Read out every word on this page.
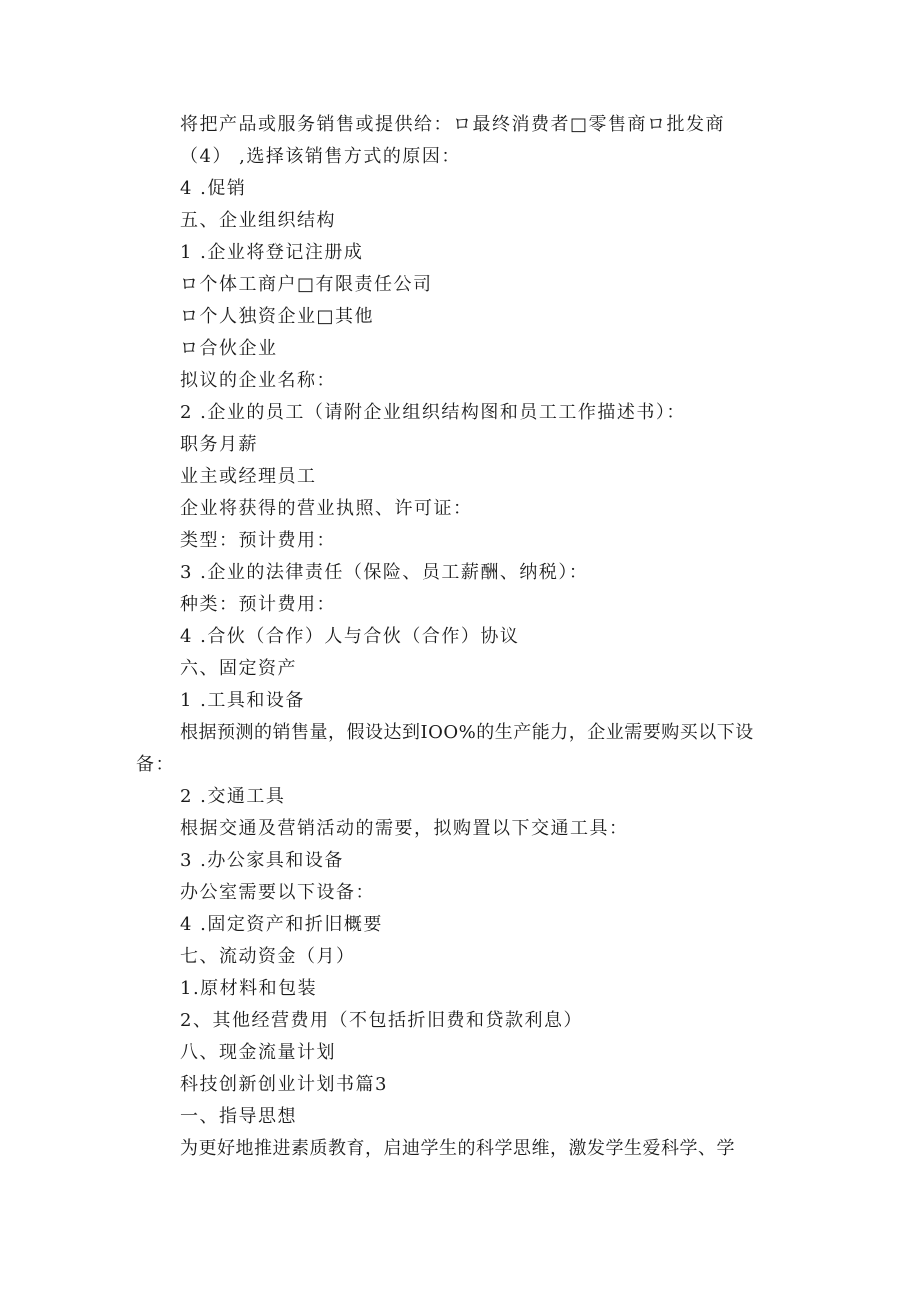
将把产品或服务销售或提供给：ロ最终消费者□零售商ロ批发商
（4） ,选择该销售方式的原因：
4 .促销
五、企业组织结构
1 .企业将登记注册成
ロ个体工商户□有限责任公司
ロ个人独资企业□其他
ロ合伙企业
拟议的企业名称：
2 .企业的员工（请附企业组织结构图和员工工作描述书）：
职务月薪
业主或经理员工
企业将获得的营业执照、许可证：
类型：预计费用：
3 .企业的法律责任（保险、员工薪酬、纳税）：
种类：预计费用：
4 .合伙（合作）人与合伙（合作）协议
六、固定资产
1 .工具和设备
根据预测的销售量，假设达到IOO%的生产能力，企业需要购买以下设
备：
2 .交通工具
根据交通及营销活动的需要，拟购置以下交通工具：
3 .办公家具和设备
办公室需要以下设备：
4 .固定资产和折旧概要
七、流动资金（月）
1.原材料和包装
2、其他经营费用（不包括折旧费和贷款利息）
八、现金流量计划
科技创新创业计划书篇3
一、指导思想
为更好地推进素质教育，启迪学生的科学思维，激发学生爱科学、学
